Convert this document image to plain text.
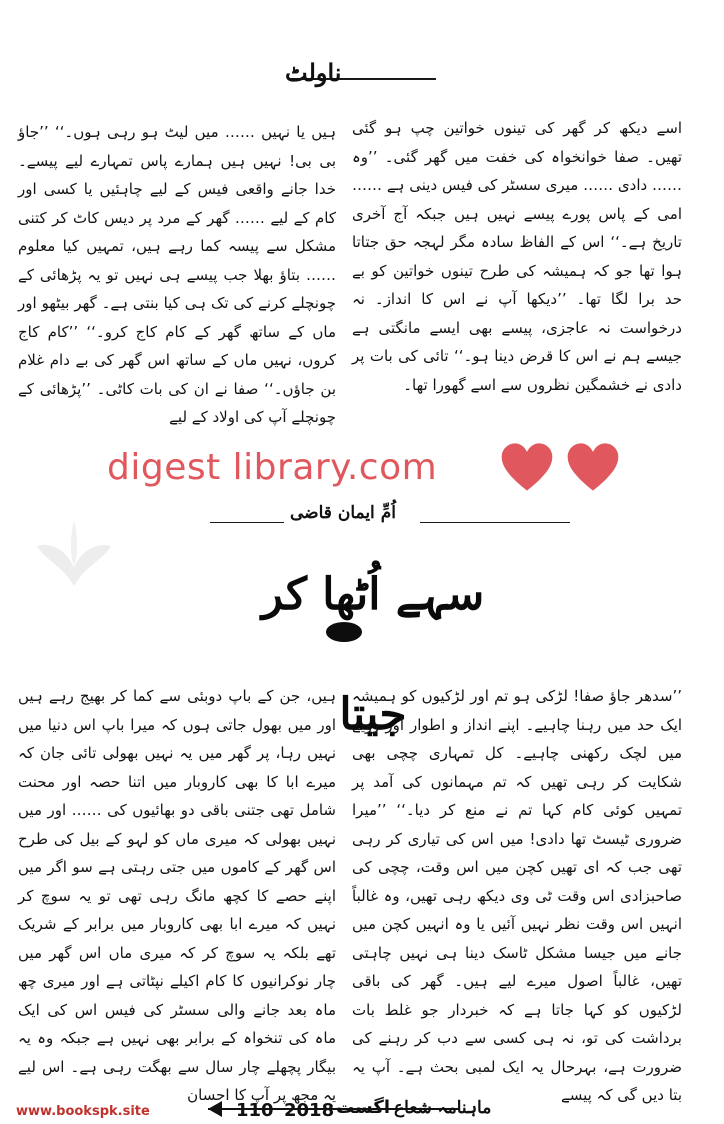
ناولٹ

اسے دیکھ کر گھر کی تینوں خواتین چپ ہو گئی تھیں۔ صفا خوانخواہ کی خفت میں گھر گئی۔ ’’وہ …… دادی …… میری سسٹر کی فیس دینی ہے …… امی کے پاس پورے پیسے نہیں ہیں جبکہ آج آخری تاریخ ہے۔‘‘ اس کے الفاظ سادہ مگر لہجہ حق جتاتا ہوا تھا جو کہ ہمیشہ کی طرح تینوں خواتین کو بے حد برا لگا تھا۔ ’’دیکھا آپ نے اس کا انداز۔ نہ درخواست نہ عاجزی، پیسے بھی ایسے مانگتی ہے جیسے ہم نے اس کا قرض دینا ہو۔‘‘ تائی کی بات پر دادی نے خشمگین نظروں سے اسے گھورا تھا۔

ہیں یا نہیں …… میں لیٹ ہو رہی ہوں۔‘‘ ’’جاؤ بی بی! نہیں ہیں ہمارے پاس تمہارے لیے پیسے۔ خدا جانے واقعی فیس کے لیے چاہئیں یا کسی اور کام کے لیے …… گھر کے مرد پر دیس کاٹ کر کتنی مشکل سے پیسہ کما رہے ہیں، تمہیں کیا معلوم …… بتاؤ بھلا جب پیسے ہی نہیں تو یہ پڑھائی کے چونچلے کرنے کی تک ہی کیا بنتی ہے۔ گھر بیٹھو اور ماں کے ساتھ گھر کے کام کاج کرو۔‘‘ ’’کام کاج کروں، نہیں ماں کے ساتھ اس گھر کی بے دام غلام بن جاؤں۔‘‘ صفا نے ان کی بات کاٹی۔ ’’پڑھائی کے چونچلے آپ کی اولاد کے لیے

digest library.com
اُمِّ ایمان قاضی
سہے اُٹھا کر جیتا

’’سدھر جاؤ صفا! لڑکی ہو تم اور لڑکیوں کو ہمیشہ ایک حد میں رہنا چاہیے۔ اپنے انداز و اطوار اور رویے میں لچک رکھنی چاہیے۔ کل تمہاری چچی بھی شکایت کر رہی تھیں کہ تم مہمانوں کی آمد پر تمہیں کوئی کام کہا تم نے منع کر دیا۔‘‘ ’’میرا ضروری ٹیسٹ تھا دادی! میں اس کی تیاری کر رہی تھی جب کہ ای تھیں کچن میں اس وقت، چچی کی صاحبزادی اس وقت ٹی وی دیکھ رہی تھیں، وہ غالباً انہیں اس وقت نظر نہیں آئیں یا وہ انہیں کچن میں جانے میں جیسا مشکل ٹاسک دینا ہی نہیں چاہتی تھیں، غالباً اصول میرے لیے ہیں۔ گھر کی باقی لڑکیوں کو کہا جاتا ہے کہ خبردار جو غلط بات برداشت کی تو، نہ ہی کسی سے دب کر رہنے کی ضرورت ہے، بہرحال یہ ایک لمبی بحث ہے۔ آپ یہ بتا دیں گی کہ پیسے

ہیں، جن کے باپ دوبئی سے کما کر بھیج رہے ہیں اور میں بھول جاتی ہوں کہ میرا باپ اس دنیا میں نہیں رہا، پر گھر میں یہ نہیں بھولی تائی جان کہ میرے ابا کا بھی کاروبار میں اتنا حصہ اور محنت شامل تھی جتنی باقی دو بھائیوں کی …… اور میں نہیں بھولی کہ میری ماں کو لہو کے بیل کی طرح اس گھر کے کاموں میں جتی رہتی ہے سو اگر میں اپنے حصے کا کچھ مانگ رہی تھی تو یہ سوچ کر نہیں کہ میرے ابا بھی کاروبار میں برابر کے شریک تھے بلکہ یہ سوچ کر کہ میری ماں اس گھر میں چار نوکرانیوں کا کام اکیلے نپٹاتی ہے اور میری چھ ماہ بعد جانے والی سسٹر کی فیس اس کی ایک ماہ کی تنخواہ کے برابر بھی نہیں ہے جبکہ وہ یہ بیگار پچھلے چار سال سے بھگت رہی ہے۔ اس لیے یہ مجھ پر آپ کا احسان

www.bookspk.site	110 2018 اگست ماہنامہ شعاع
